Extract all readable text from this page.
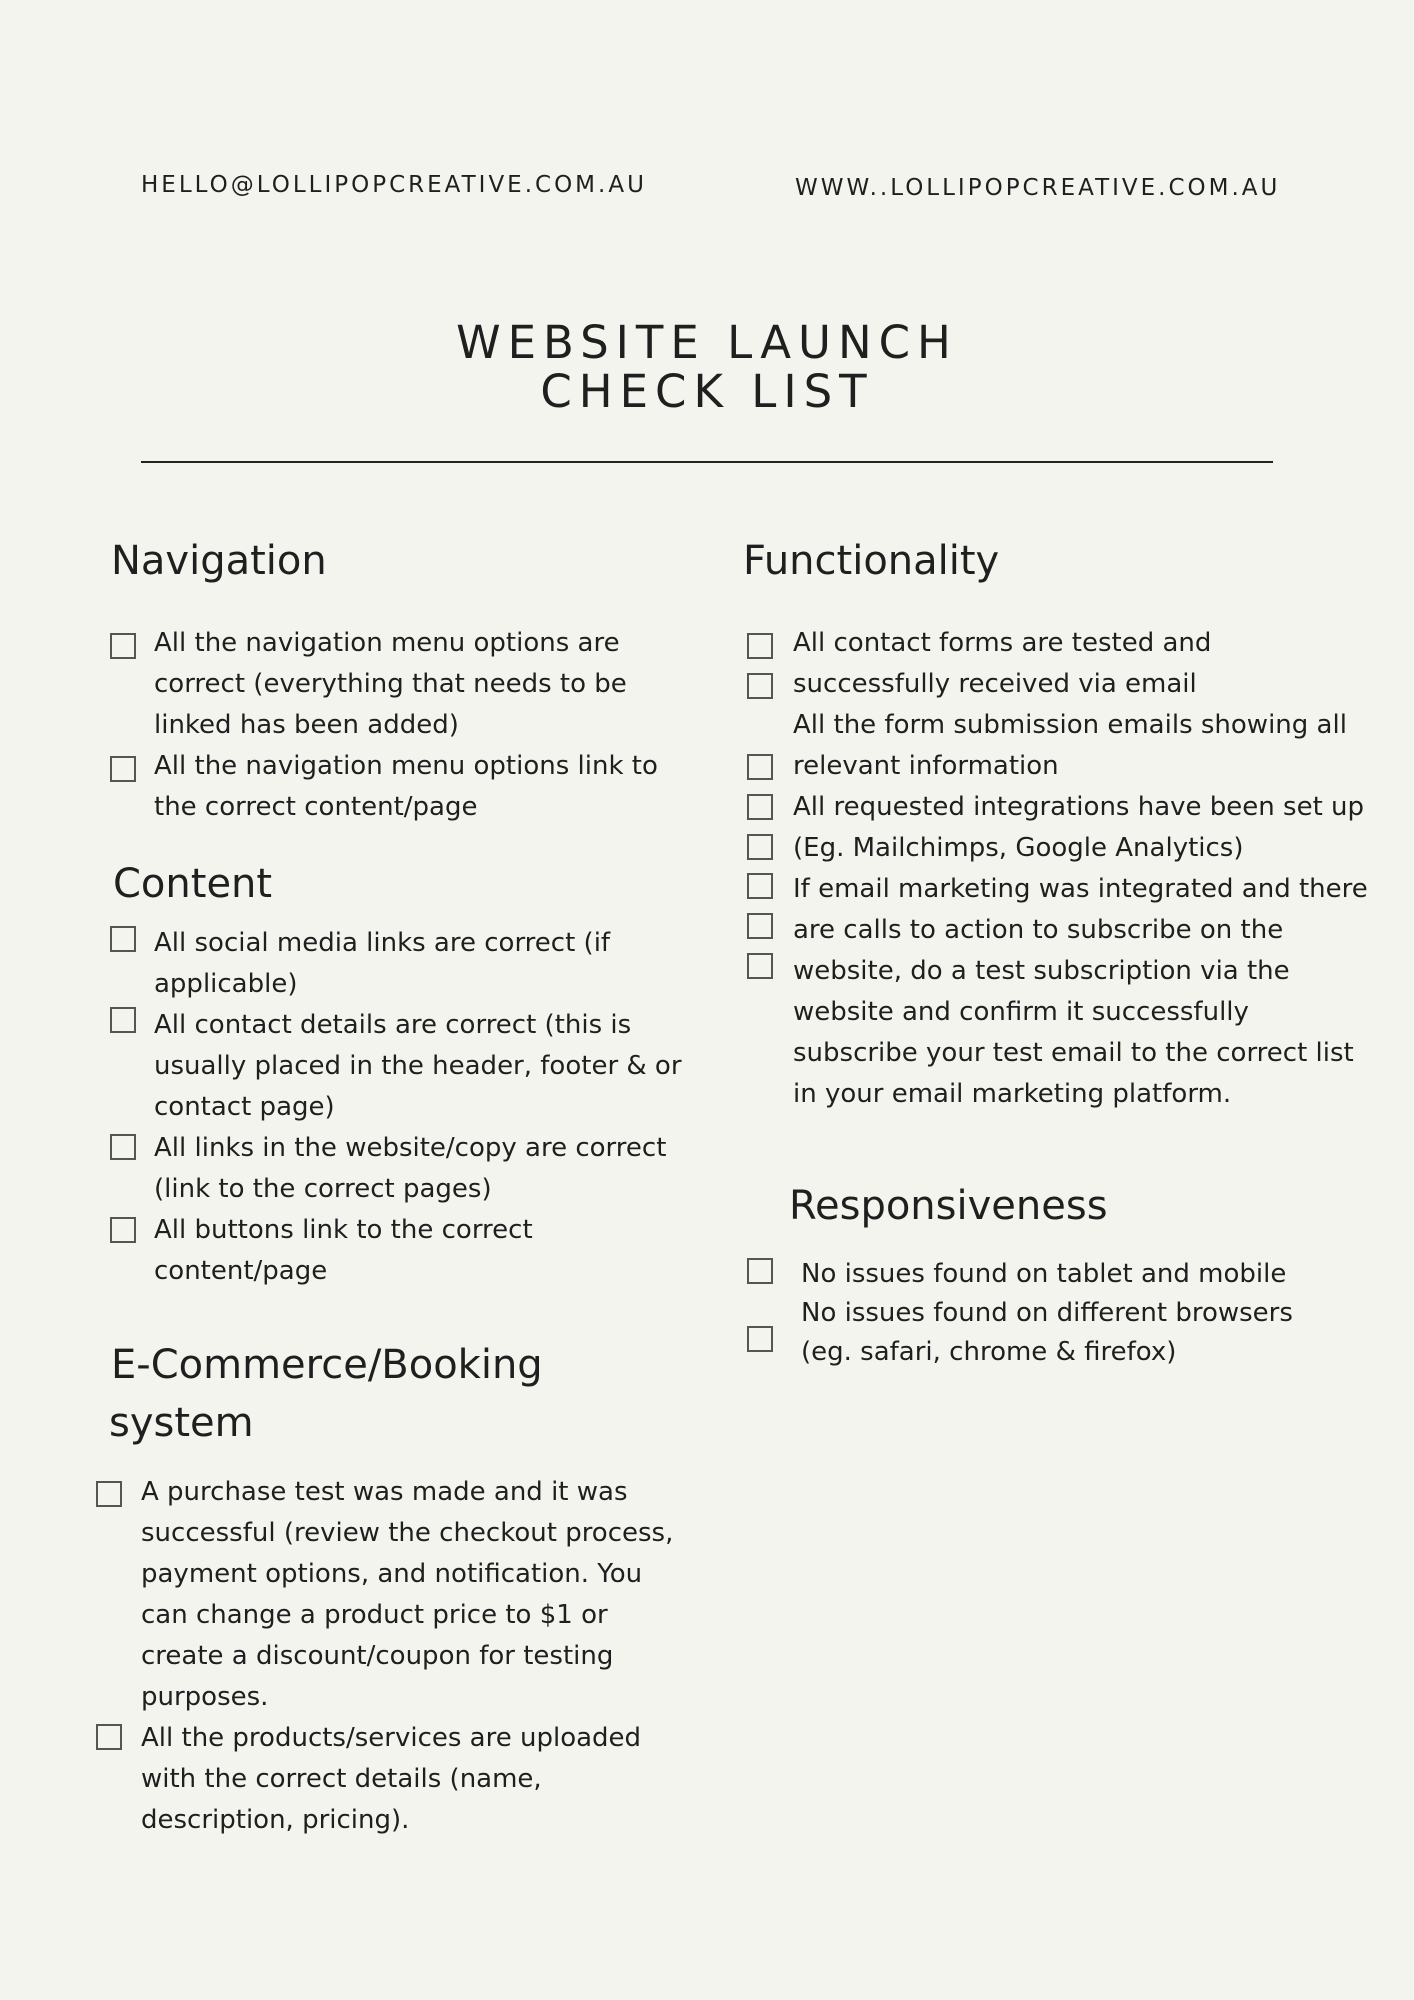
HELLO@LOLLIPOPCREATIVE.COM.AU	WWW..LOLLIPOPCREATIVE.COM.AU
WEBSITE LAUNCH
CHECK LIST
Navigation
All the navigation menu options are
correct (everything that needs to be
linked has been added)
All the navigation menu options link to
the correct content/page
Content
All social media links are correct (if
applicable)
All contact details are correct (this is
usually placed in the header, footer & or
contact page)
All links in the website/copy are correct
(link to the correct pages)
All buttons link to the correct
content/page
E-Commerce/Booking
system
A purchase test was made and it was
successful (review the checkout process,
payment options, and notification. You
can change a product price to $1 or
create a discount/coupon for testing
purposes.
All the products/services are uploaded
with the correct details (name,
description, pricing).
Functionality
All contact forms are tested and
successfully received via email
All the form submission emails showing all
relevant information
All requested integrations have been set up
(Eg. Mailchimps, Google Analytics)
If email marketing was integrated and there
are calls to action to subscribe on the
website, do a test subscription via the
website and confirm it successfully
subscribe your test email to the correct list
in your email marketing platform.
Responsiveness
No issues found on tablet and mobile
No issues found on different browsers
(eg. safari, chrome & firefox)
